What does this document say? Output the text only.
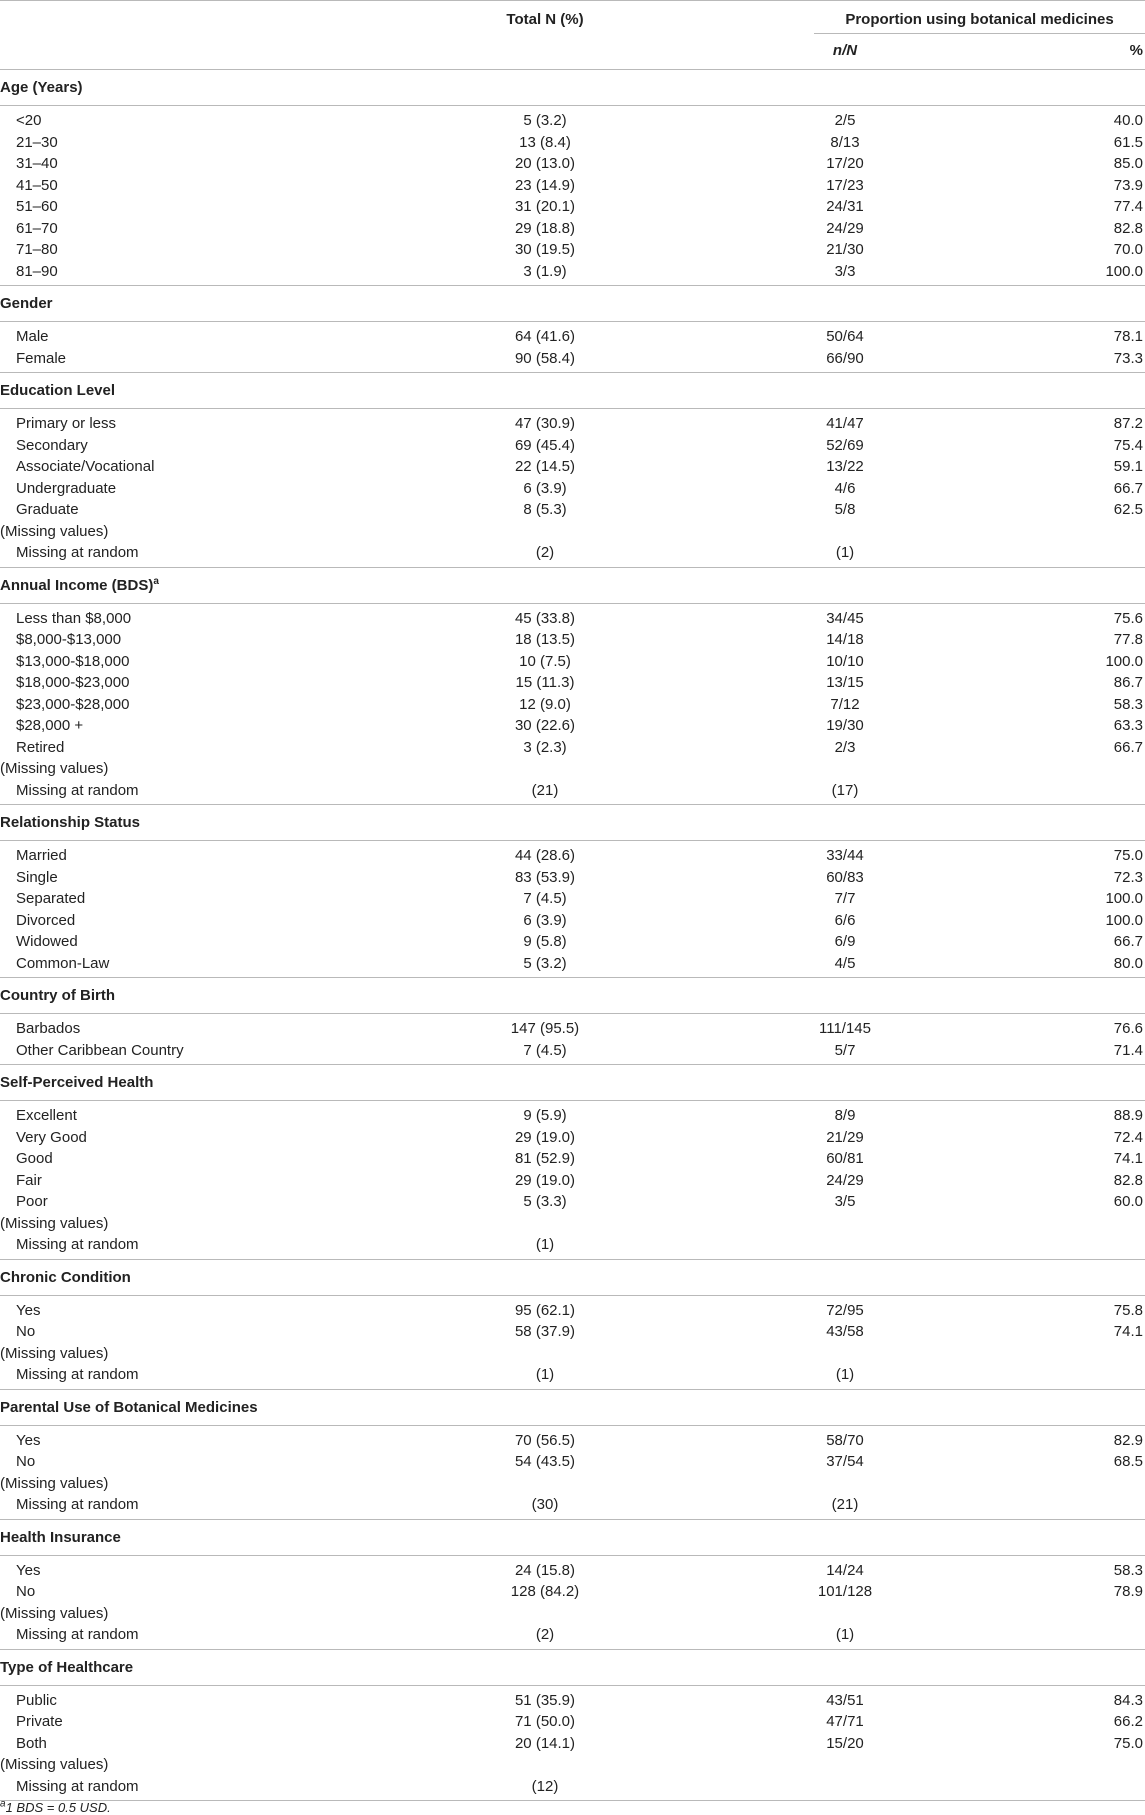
Total N (%)	Proportion using botanical medicines
n/N	%
Age (Years)
<20	5 (3.2)	2/5	40.0
21–30	13 (8.4)	8/13	61.5
31–40	20 (13.0)	17/20	85.0
41–50	23 (14.9)	17/23	73.9
51–60	31 (20.1)	24/31	77.4
61–70	29 (18.8)	24/29	82.8
71–80	30 (19.5)	21/30	70.0
81–90	3 (1.9)	3/3	100.0
Gender
Male	64 (41.6)	50/64	78.1
Female	90 (58.4)	66/90	73.3
Education Level
Primary or less	47 (30.9)	41/47	87.2
Secondary	69 (45.4)	52/69	75.4
Associate/Vocational	22 (14.5)	13/22	59.1
Undergraduate	6 (3.9)	4/6	66.7
Graduate	8 (5.3)	5/8	62.5
(Missing values)
Missing at random	(2)	(1)
Annual Income (BDS)$^a$
Less than $8,000	45 (33.8)	34/45	75.6
$8,000-$13,000	18 (13.5)	14/18	77.8
$13,000-$18,000	10 (7.5)	10/10	100.0
$18,000-$23,000	15 (11.3)	13/15	86.7
$23,000-$28,000	12 (9.0)	7/12	58.3
$28,000 +	30 (22.6)	19/30	63.3
Retired	3 (2.3)	2/3	66.7
(Missing values)
Missing at random	(21)	(17)
Relationship Status
Married	44 (28.6)	33/44	75.0
Single	83 (53.9)	60/83	72.3
Separated	7 (4.5)	7/7	100.0
Divorced	6 (3.9)	6/6	100.0
Widowed	9 (5.8)	6/9	66.7
Common-Law	5 (3.2)	4/5	80.0
Country of Birth
Barbados	147 (95.5)	111/145	76.6
Other Caribbean Country	7 (4.5)	5/7	71.4
Self-Perceived Health
Excellent	9 (5.9)	8/9	88.9
Very Good	29 (19.0)	21/29	72.4
Good	81 (52.9)	60/81	74.1
Fair	29 (19.0)	24/29	82.8
Poor	5 (3.3)	3/5	60.0
(Missing values)
Missing at random	(1)
Chronic Condition
Yes	95 (62.1)	72/95	75.8
No	58 (37.9)	43/58	74.1
(Missing values)
Missing at random	(1)	(1)
Parental Use of Botanical Medicines
Yes	70 (56.5)	58/70	82.9
No	54 (43.5)	37/54	68.5
(Missing values)
Missing at random	(30)	(21)
Health Insurance
Yes	24 (15.8)	14/24	58.3
No	128 (84.2)	101/128	78.9
(Missing values)
Missing at random	(2)	(1)
Type of Healthcare
Public	51 (35.9)	43/51	84.3
Private	71 (50.0)	47/71	66.2
Both	20 (14.1)	15/20	75.0
(Missing values)
Missing at random	(12)
$^a$1 BDS = 0.5 USD.
